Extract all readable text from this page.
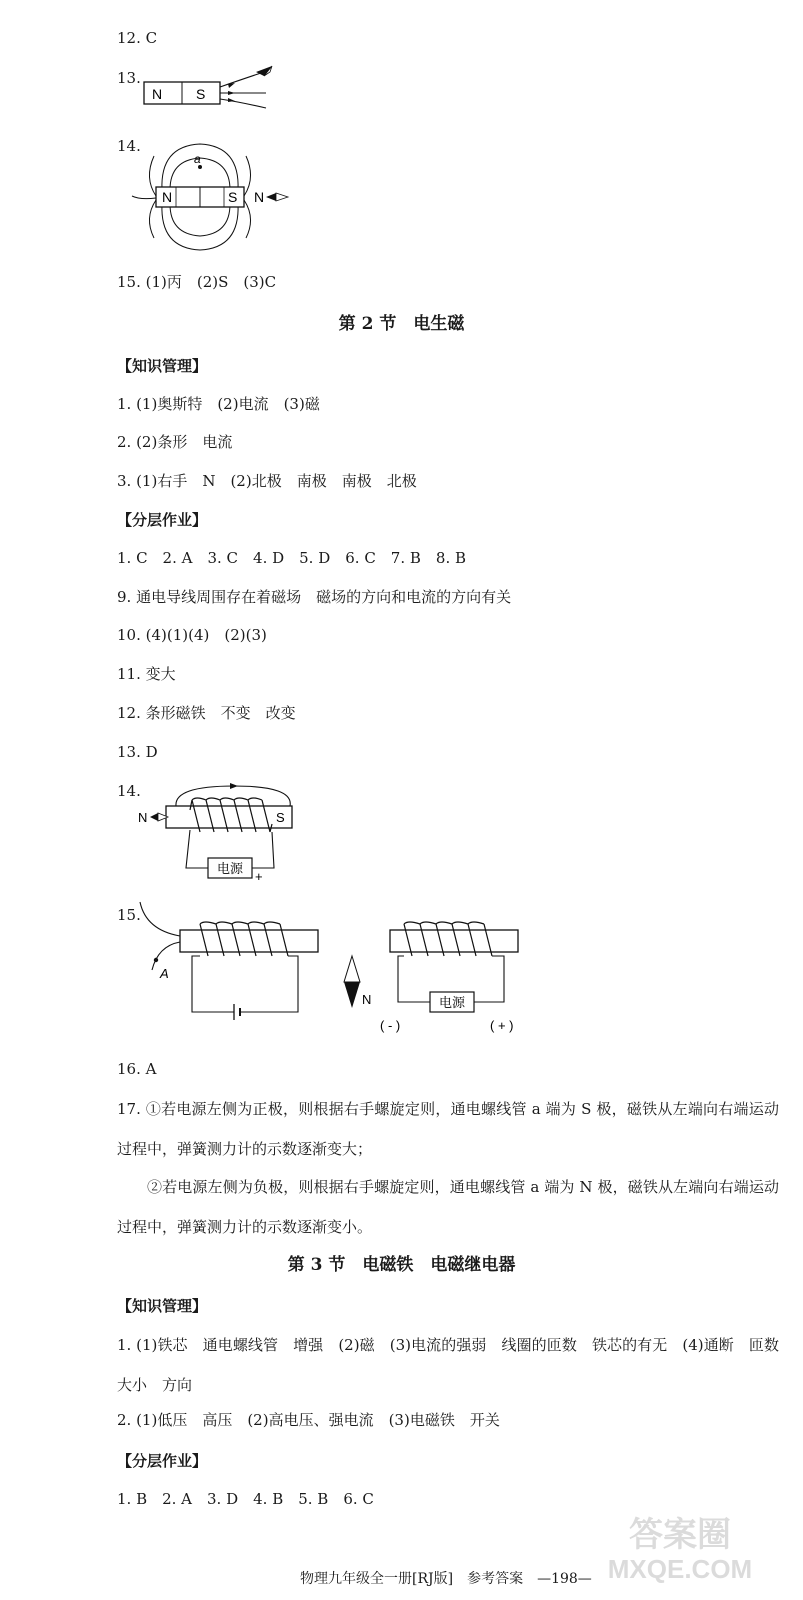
12. C
13.
N S
14.
N	S
a
N
15. (1)丙　(2)S　(3)C
第 2 节　电生磁
【知识管理】
1. (1)奥斯特　(2)电流　(3)磁
2. (2)条形　电流
3. (1)右手　N　(2)北极　南极　南极　北极
【分层作业】
1. C　2. A　3. C　4. D　5. D　6. C　7. B　8. B
9. 通电导线周围存在着磁场　磁场的方向和电流的方向有关
10. (4)(1)(4)　(2)(3)
11. 变大
12. 条形磁铁　不变　改变
13. D
14.
S
N
电源
+
15.
A
N	电源
( - )	( + )
16. A
17. ①若电源左侧为正极，则根据右手螺旋定则，通电螺线管 a 端为 S 极，磁铁从左端向右端运动过程中，弹簧测力计的示数逐渐变大；
②若电源左侧为负极，则根据右手螺旋定则，通电螺线管 a 端为 N 极，磁铁从左端向右端运动过程中，弹簧测力计的示数逐渐变小。
第 3 节　电磁铁　电磁继电器
【知识管理】
1. (1)铁芯　通电螺线管　增强　(2)磁　(3)电流的强弱　线圈的匝数　铁芯的有无　(4)通断　匝数　大小　方向
2. (1)低压　高压　(2)高电压、强电流　(3)电磁铁　开关
【分层作业】
1. B　2. A　3. D　4. B　5. B　6. C
物理九年级全一册[RJ版]　参考答案　—198—
答案圈
MXQE.COM
